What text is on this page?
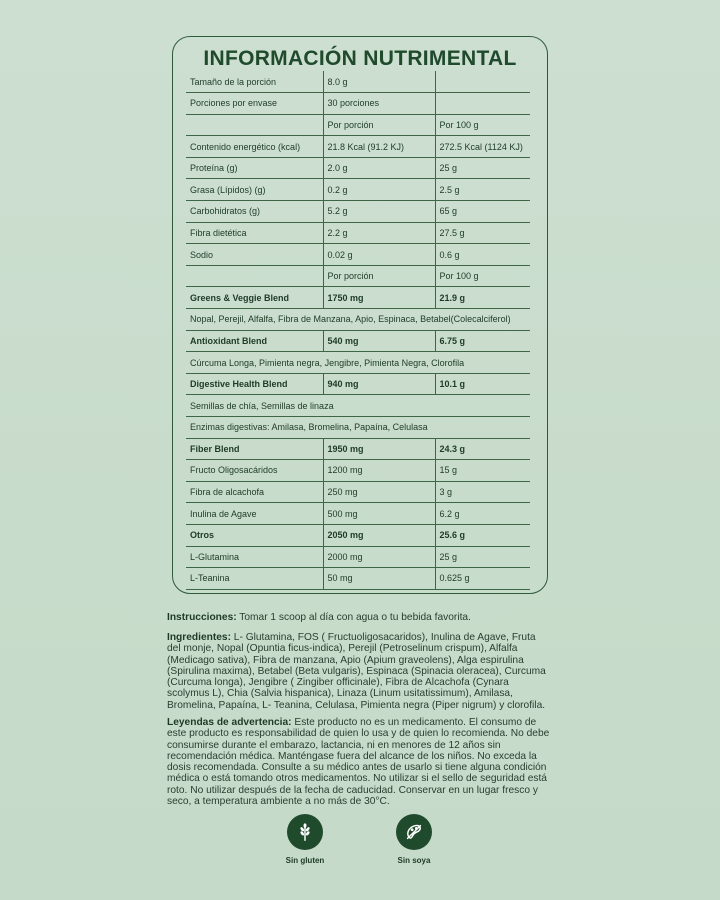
INFORMACIÓN NUTRIMENTAL
Tamaño de la porción	8.0 g	
Porciones por envase	30 porciones	
	Por porción	Por 100 g
Contenido energético (kcal)	21.8 Kcal (91.2 KJ)	272.5 Kcal (1124 KJ)
Proteína (g)	2.0 g	25 g
Grasa (Lípidos) (g)	0.2 g	2.5 g
Carbohidratos (g)	5.2 g	65 g
Fibra dietética	2.2 g	27.5 g
Sodio	0.02 g	0.6 g
	Por porción	Por 100 g
Greens & Veggie Blend	1750 mg	21.9 g
Nopal, Perejil, Alfalfa, Fibra de Manzana, Apio, Espinaca, Betabel(Colecalciferol)		
Antioxidant Blend	540 mg	6.75 g
Cúrcuma Longa, Pimienta negra, Jengibre, Pimienta Negra, Clorofila		
Digestive Health Blend	940 mg	10.1 g
Semillas de chía, Semillas de linaza		
Enzimas digestivas: Amilasa, Bromelina, Papaína, Celulasa		
Fiber Blend	1950 mg	24.3 g
Fructo Oligosacáridos	1200 mg	15 g
Fibra de alcachofa	250 mg	3 g
Inulina de Agave	500 mg	6.2 g
Otros	2050 mg	25.6 g
L-Glutamina	2000 mg	25 g
L-Teanina	50 mg	0.625 g
Instrucciones: Tomar 1 scoop al día con agua o tu bebida favorita.
Ingredientes: L- Glutamina, FOS ( Fructuoligosacaridos), Inulina de Agave, Fruta del monje, Nopal (Opuntia ficus-indica), Perejil (Petroselinum crispum), Alfalfa (Medicago sativa), Fibra de manzana, Apio (Apium graveolens), Alga espirulina (Spirulina maxima), Betabel (Beta vulgaris), Espinaca (Spinacia oleracea), Curcuma (Curcuma longa), Jengibre ( Zingiber officinale), Fibra de Alcachofa (Cynara scolymus L), Chia (Salvia hispanica), Linaza (Linum usitatissimum), Amilasa, Bromelina, Papaína, L- Teanina, Celulasa, Pimienta negra (Piper nigrum) y clorofila.
Leyendas de advertencia: Este producto no es un medicamento. El consumo de este producto es responsabilidad de quien lo usa y de quien lo recomienda. No debe consumirse durante el embarazo, lactancia, ni en menores de 12 años sin recomendación médica. Manténgase fuera del alcance de los niños. No exceda la dosis recomendada. Consulte a su médico antes de usarlo si tiene alguna condición médica o está tomando otros medicamentos. No utilizar si el sello de seguridad está roto. No utilizar después de la fecha de caducidad. Conservar en un lugar fresco y seco, a temperatura ambiente a no más de 30°C.
Sin gluten	Sin soya
